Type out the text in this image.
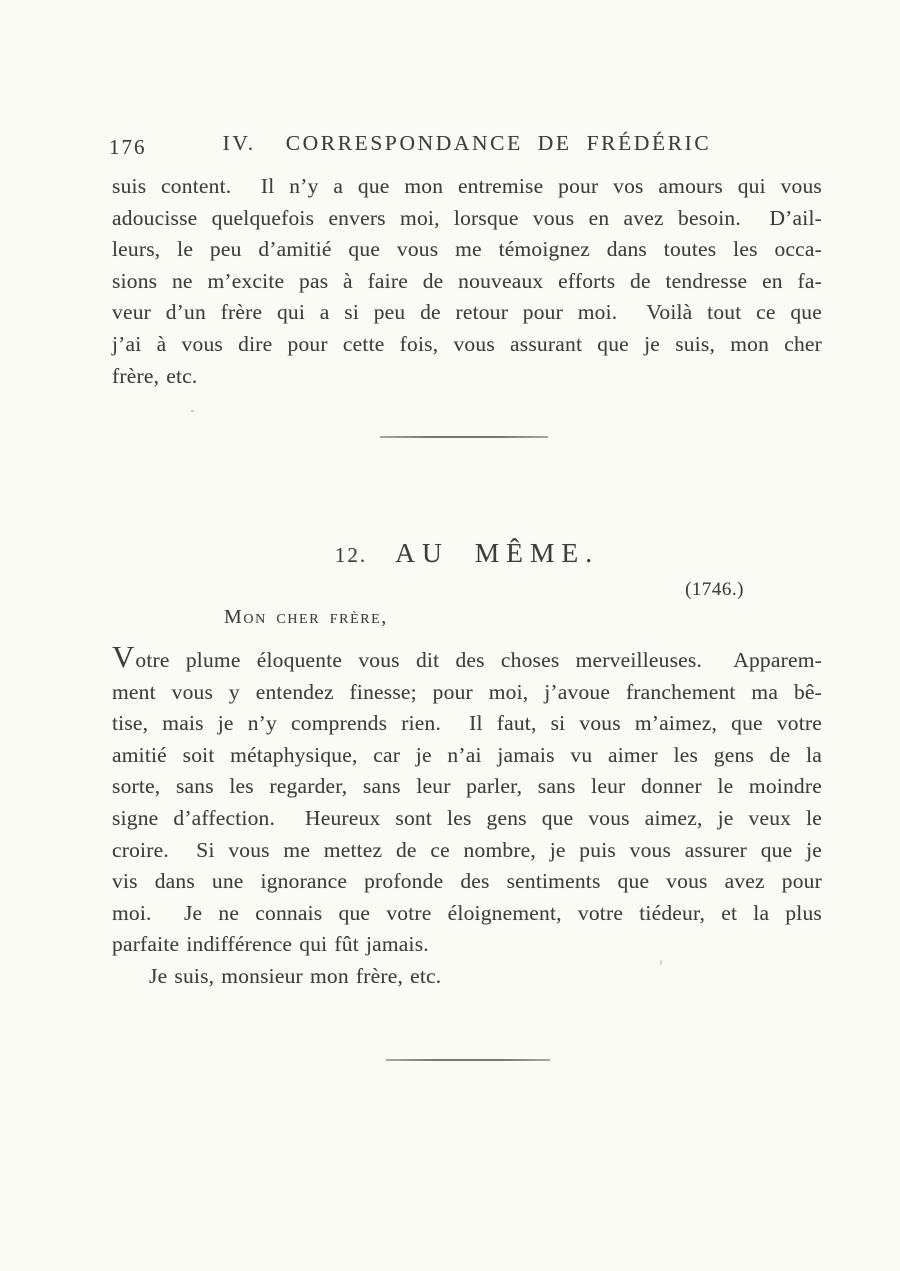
176	IV.  CORRESPONDANCE DE FRÉDÉRIC
suis content.  Il n’y a que mon entremise pour vos amours qui vous
adoucisse quelquefois envers moi, lorsque vous en avez besoin.  D’ail-
leurs, le peu d’amitié que vous me témoignez dans toutes les occa-
sions ne m’excite pas à faire de nouveaux efforts de tendresse en fa-
veur d’un frère qui a si peu de retour pour moi.  Voilà tout ce que
j’ai à vous dire pour cette fois, vous assurant que je suis, mon cher
frère, etc.
12. AU MÊME.
(1746.)
Mon cher frère,
Votre plume éloquente vous dit des choses merveilleuses.  Apparem-
ment vous y entendez finesse; pour moi, j’avoue franchement ma bê-
tise, mais je n’y comprends rien.  Il faut, si vous m’aimez, que votre
amitié soit métaphysique, car je n’ai jamais vu aimer les gens de la
sorte, sans les regarder, sans leur parler, sans leur donner le moindre
signe d’affection.  Heureux sont les gens que vous aimez, je veux le
croire.  Si vous me mettez de ce nombre, je puis vous assurer que je
vis dans une ignorance profonde des sentiments que vous avez pour
moi.  Je ne connais que votre éloignement, votre tiédeur, et la plus
parfaite indifférence qui fût jamais.
Je suis, monsieur mon frère, etc.
